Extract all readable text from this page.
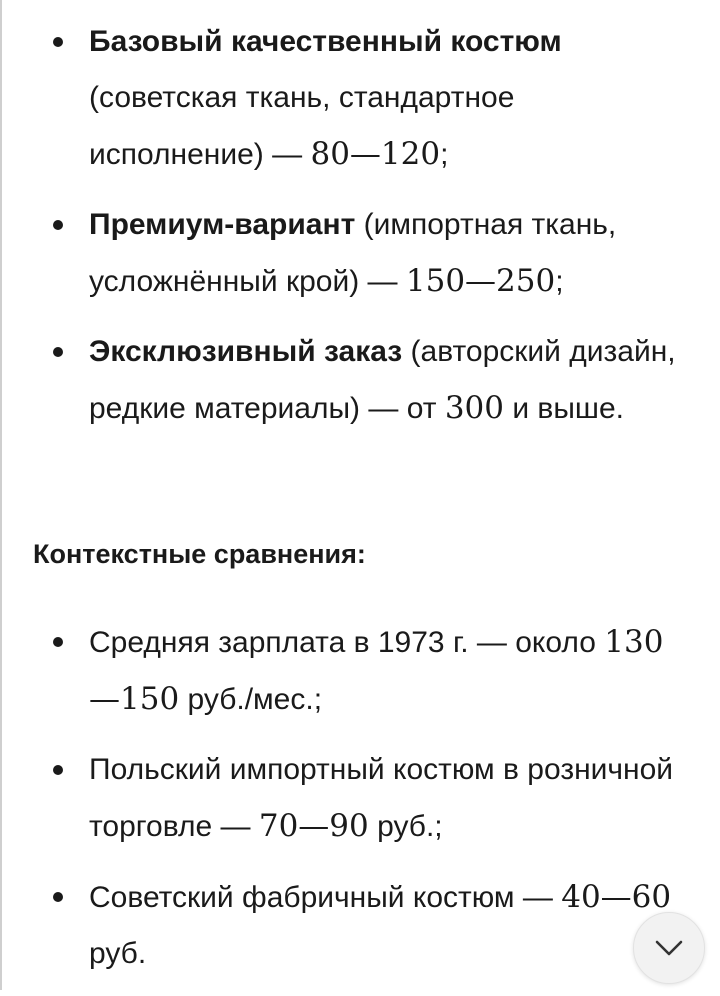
Базовый качественный костюм (советская ткань, стандартное исполнение) — 80—120;
Премиум-вариант (импортная ткань, усложнённый крой) — 150—250;
Эксклюзивный заказ (авторский дизайн, редкие материалы) — от 300 и выше.
Контекстные сравнения:
Средняя зарплата в 1973 г. — около 130—150 руб./мес.;
Польский импортный костюм в розничной торговле — 70—90 руб.;
Советский фабричный костюм — 40—60 руб.
